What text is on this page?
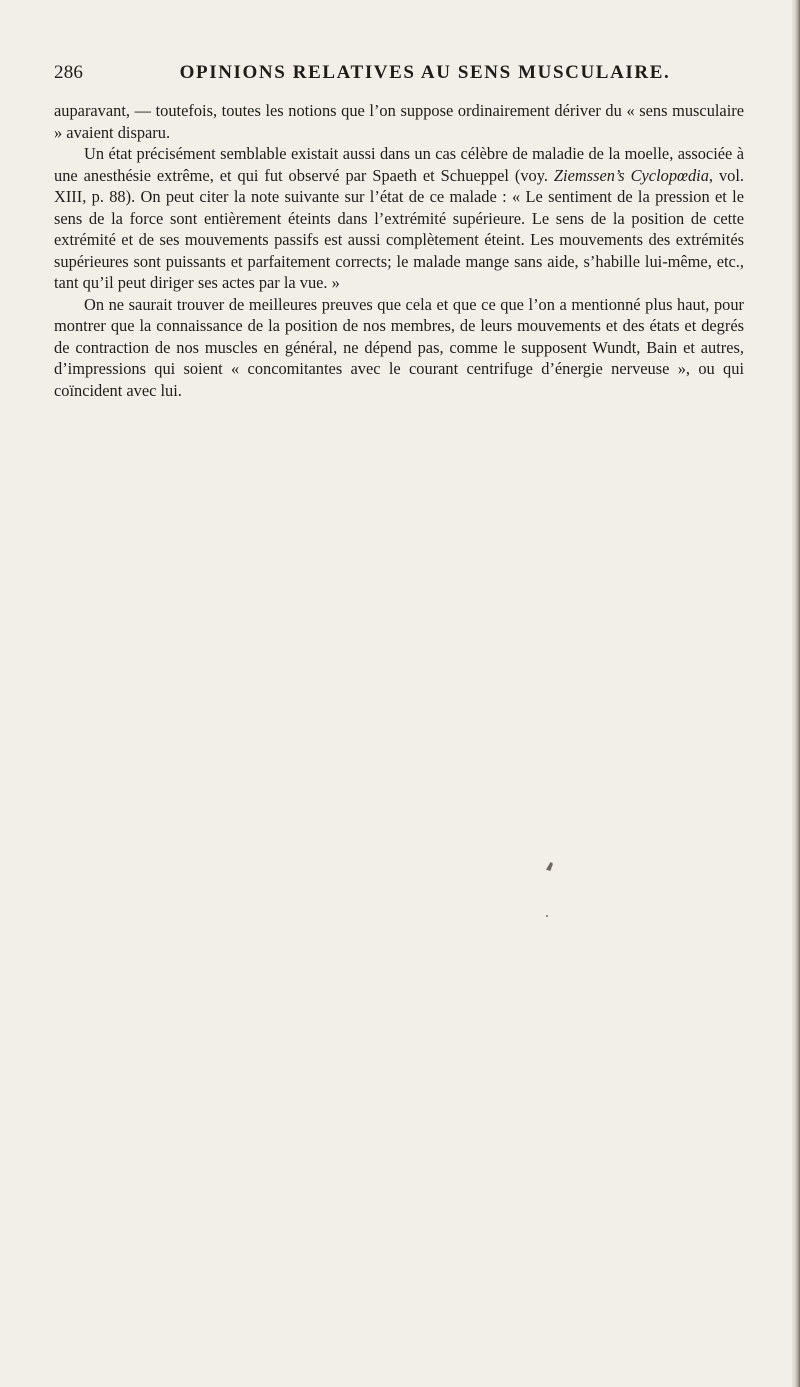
286	OPINIONS RELATIVES AU SENS MUSCULAIRE.

auparavant, — toutefois, toutes les notions que l’on suppose ordinairement dériver du « sens musculaire » avaient disparu.

Un état précisément semblable existait aussi dans un cas célèbre de maladie de la moelle, associée à une anesthésie extrême, et qui fut observé par Spaeth et Schueppel (voy. Ziemssen’s Cyclopœdia, vol. XIII, p. 88). On peut citer la note suivante sur l’état de ce malade : « Le sentiment de la pression et le sens de la force sont entièrement éteints dans l’extrémité supérieure. Le sens de la position de cette extrémité et de ses mouvements passifs est aussi complètement éteint. Les mouvements des extrémités supérieures sont puissants et parfaitement corrects; le malade mange sans aide, s’habille lui-même, etc., tant qu’il peut diriger ses actes par la vue. »

On ne saurait trouver de meilleures preuves que cela et que ce que l’on a mentionné plus haut, pour montrer que la connaissance de la position de nos membres, de leurs mouvements et des états et degrés de contraction de nos muscles en général, ne dépend pas, comme le supposent Wundt, Bain et autres, d’impressions qui soient « concomitantes avec le courant centrifuge d’énergie nerveuse », ou qui coïncident avec lui.
